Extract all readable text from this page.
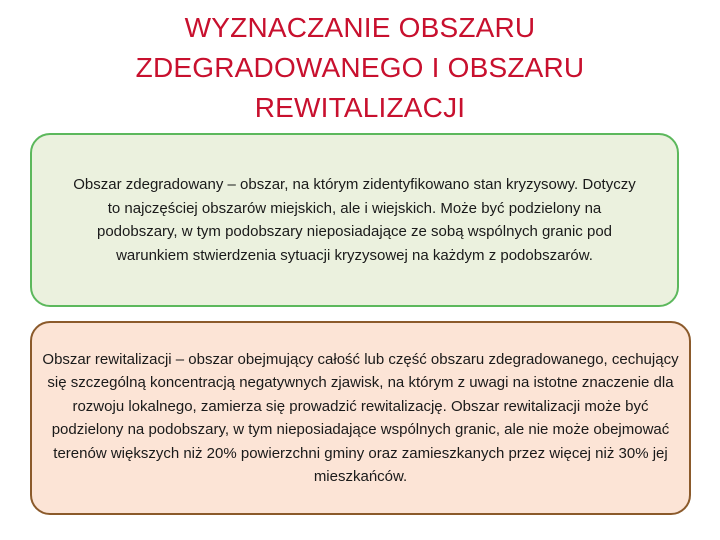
WYZNACZANIE OBSZARU
ZDEGRADOWANEGO I OBSZARU
REWITALIZACJI

Obszar zdegradowany – obszar, na którym zidentyfikowano stan kryzysowy. Dotyczy to najczęściej obszarów miejskich, ale i wiejskich. Może być podzielony na podobszary, w tym podobszary nieposiadające ze sobą wspólnych granic pod warunkiem stwierdzenia sytuacji kryzysowej na każdym z podobszarów.

Obszar rewitalizacji – obszar obejmujący całość lub część obszaru zdegradowanego, cechujący się szczególną koncentracją negatywnych zjawisk, na którym z uwagi na istotne znaczenie dla rozwoju lokalnego, zamierza się prowadzić rewitalizację. Obszar rewitalizacji może być podzielony na podobszary, w tym nieposiadające wspólnych granic, ale nie może obejmować terenów większych niż 20% powierzchni gminy oraz zamieszkanych przez więcej niż 30% jej mieszkańców.
